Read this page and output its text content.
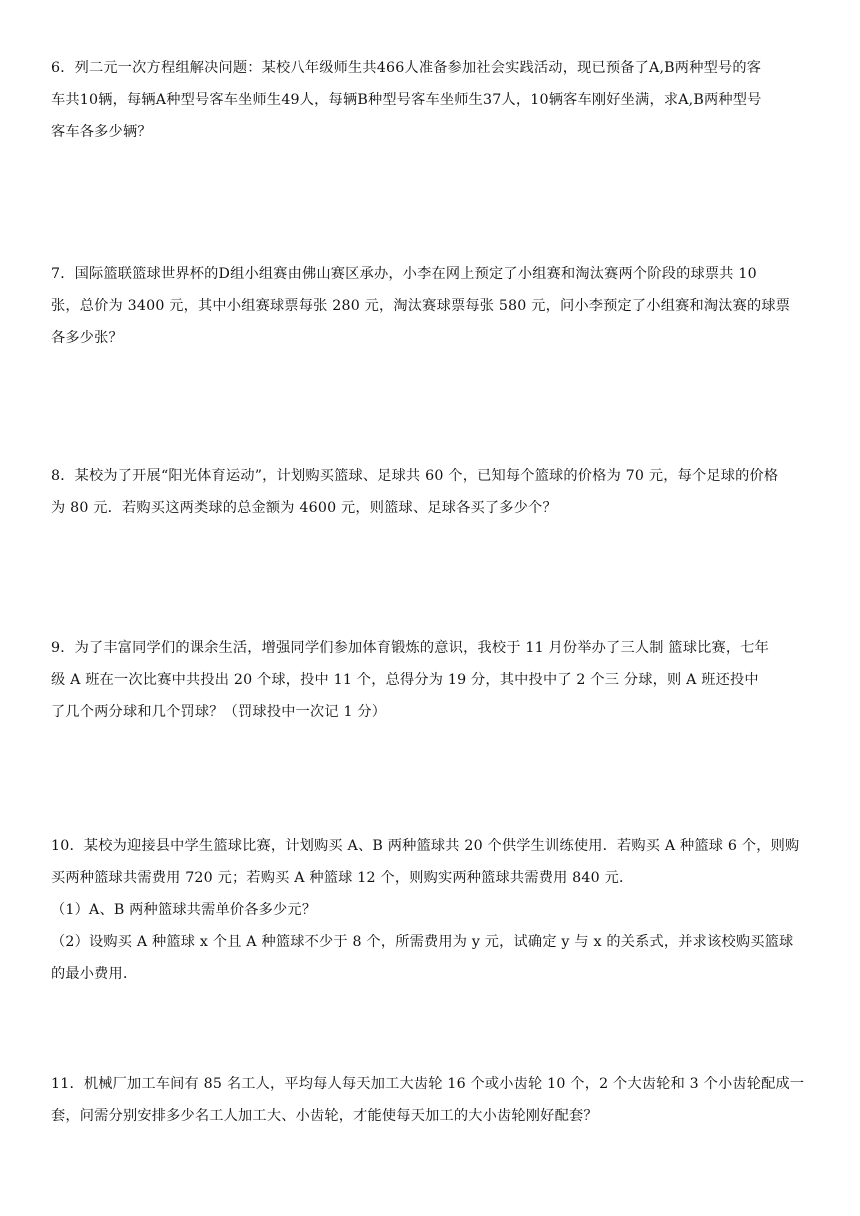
6．列二元一次方程组解决问题：某校八年级师生共466人准备参加社会实践活动，现已预备了A,B两种型号的客

车共10辆，每辆A种型号客车坐师生49人，每辆B种型号客车坐师生37人，10辆客车刚好坐满，求A,B两种型号

客车各多少辆？

7．国际篮联篮球世界杯的D组小组赛由佛山赛区承办，小李在网上预定了小组赛和淘汰赛两个阶段的球票共 10

张，总价为 3400 元，其中小组赛球票每张 280 元，淘汰赛球票每张 580 元，问小李预定了小组赛和淘汰赛的球票

各多少张？

8．某校为了开展“阳光体育运动”，计划购买篮球、足球共 60 个，已知每个篮球的价格为 70 元，每个足球的价格

为 80 元．若购买这两类球的总金额为 4600 元，则篮球、足球各买了多少个？

9．为了丰富同学们的课余生活，增强同学们参加体育锻炼的意识，我校于 11 月份举办了三人制 篮球比赛，七年

级 A 班在一次比赛中共投出 20 个球，投中 11 个，总得分为 19 分，其中投中了 2 个三 分球，则 A 班还投中

了几个两分球和几个罚球？（罚球投中一次记 1 分）

10．某校为迎接县中学生篮球比赛，计划购买 A、B 两种篮球共 20 个供学生训练使用．若购买 A 种篮球 6 个，则购

买两种篮球共需费用 720 元；若购买 A 种篮球 12 个，则购实两种篮球共需费用 840 元．

（1）A、B 两种篮球共需单价各多少元？

（2）设购买 A 种篮球 x 个且 A 种篮球不少于 8 个，所需费用为 y 元，试确定 y 与 x 的关系式，并求该校购买篮球

的最小费用．

11．机械厂加工车间有 85 名工人，平均每人每天加工大齿轮 16 个或小齿轮 10 个，2 个大齿轮和 3 个小齿轮配成一

套，问需分别安排多少名工人加工大、小齿轮，才能使每天加工的大小齿轮刚好配套？
